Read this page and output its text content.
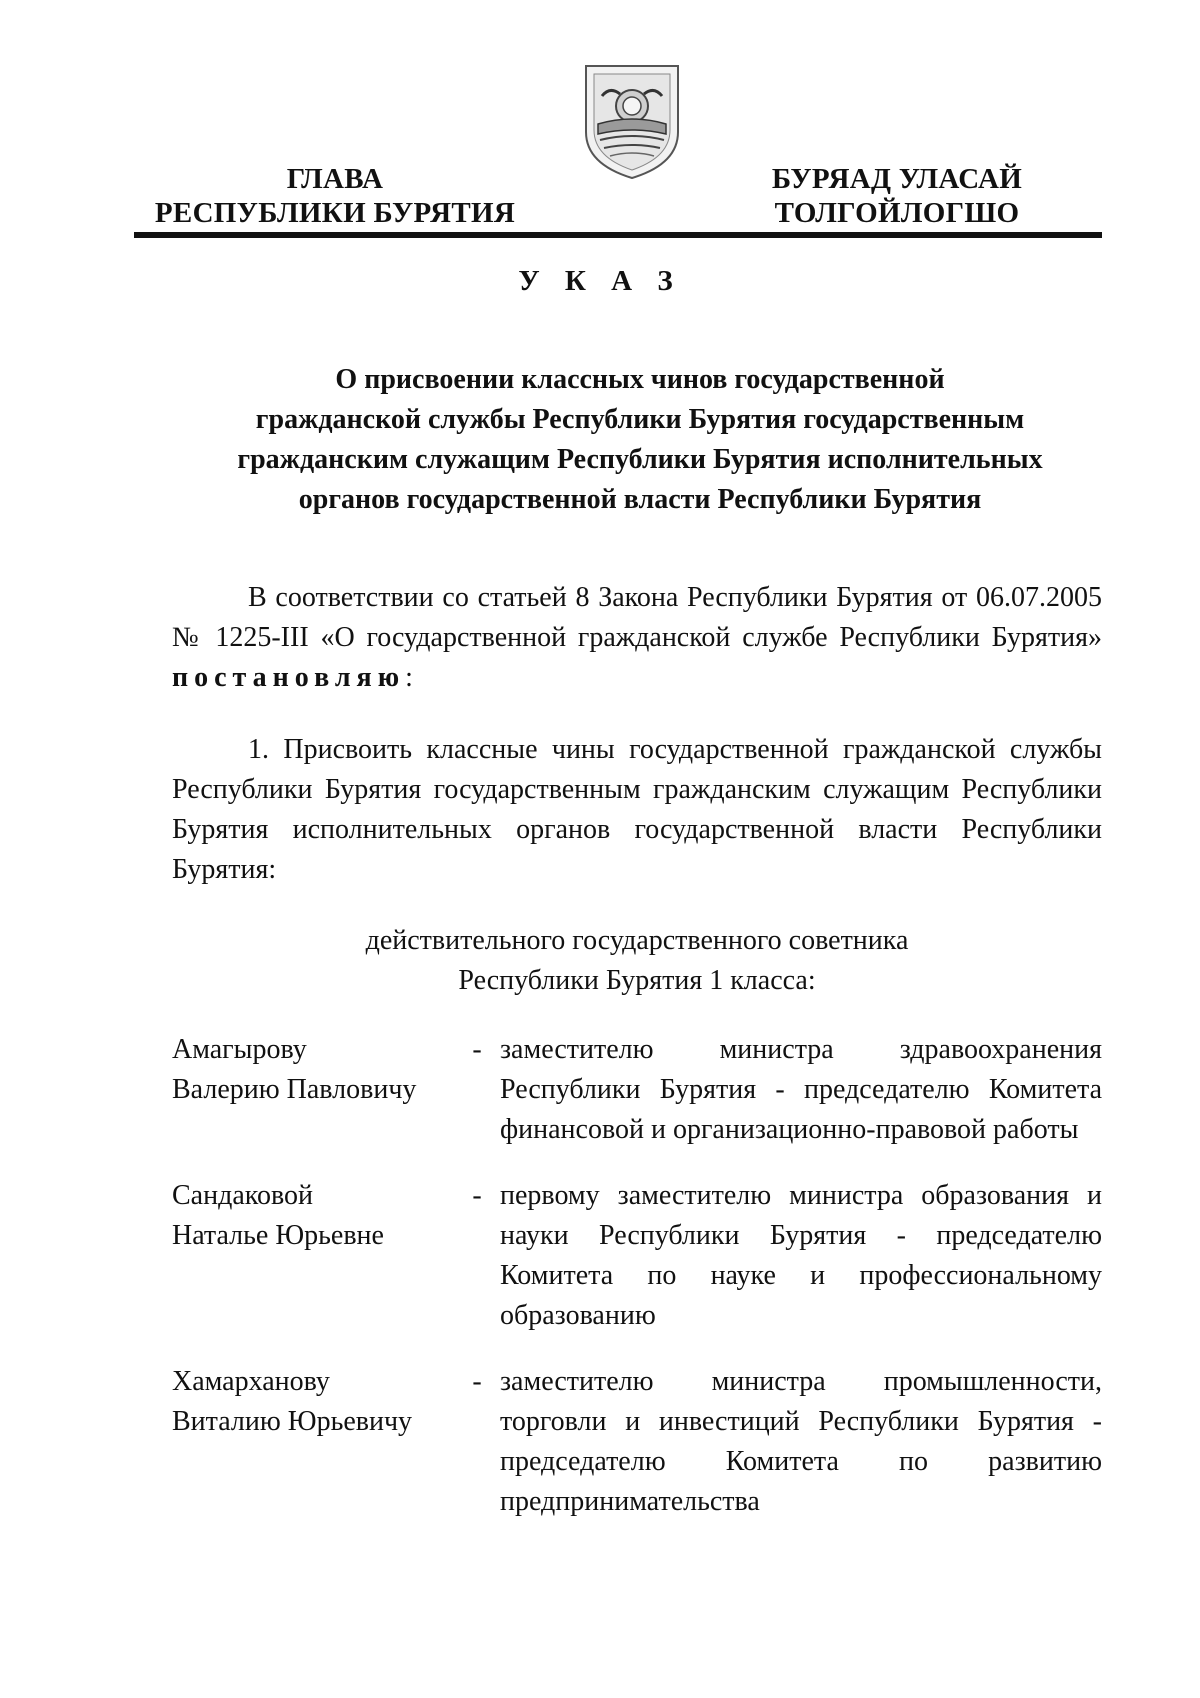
ГЛАВА
РЕСПУБЛИКИ БУРЯТИЯ
БУРЯАД УЛАСАЙ
ТОЛГОЙЛОГШО
У К А З
О присвоении классных чинов государственной
гражданской службы Республики Бурятия государственным
гражданским служащим Республики Бурятия исполнительных
органов государственной власти Республики Бурятия
В соответствии со статьей 8 Закона Республики Бурятия от 06.07.2005 № 1225-III «О государственной гражданской службе Республики Бурятия» постановляю:
1. Присвоить классные чины государственной гражданской службы Республики Бурятия государственным гражданским служащим Республики Бурятия исполнительных органов государственной власти Республики Бурятия:
действительного государственного советника
Республики Бурятия 1 класса:
Амагырову
Валерию Павловичу
- заместителю министра здравоохранения Республики Бурятия - председателю Комитета финансовой и организационно-правовой работы
Сандаковой
Наталье Юрьевне
- первому заместителю министра образования и науки Республики Бурятия - председателю Комитета по науке и профессиональному образованию
Хамарханову
Виталию Юрьевичу
- заместителю министра промышленности, торговли и инвестиций Республики Бурятия - председателю Комитета по развитию предпринимательства
